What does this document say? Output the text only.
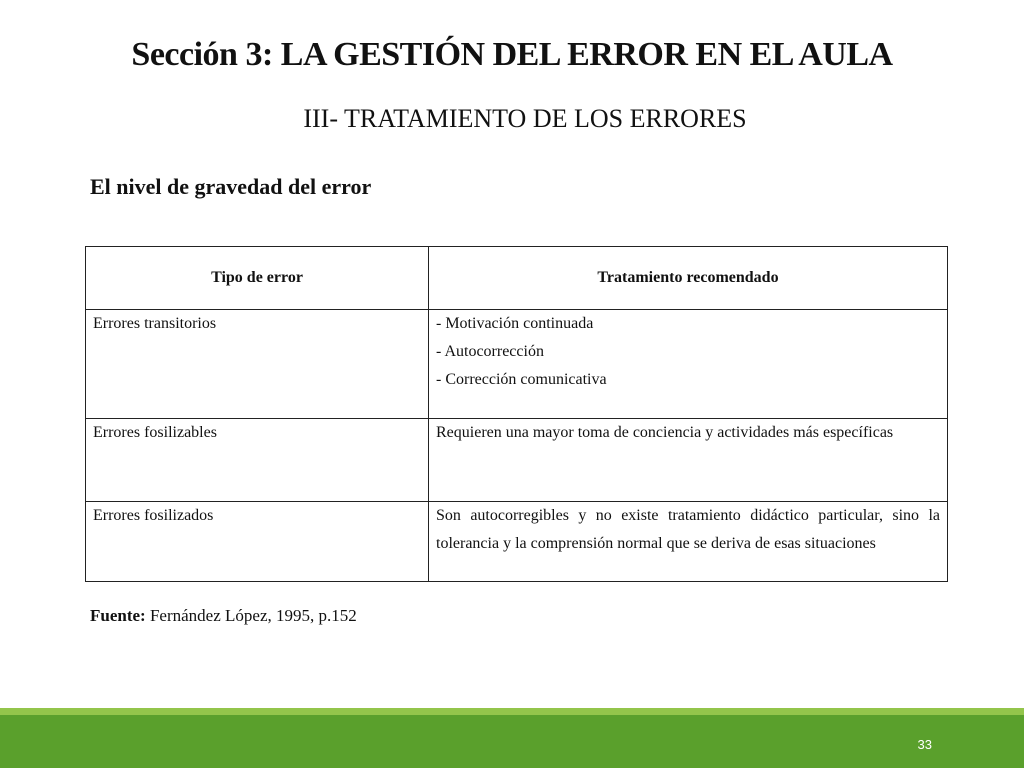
Sección 3: LA GESTIÓN DEL ERROR EN EL AULA
III- TRATAMIENTO DE LOS ERRORES
El nivel de gravedad del error
Tipo de error	Tratamiento recomendado
Errores transitorios	- Motivación continuada
- Autocorrección
- Corrección comunicativa

Errores fosilizables	Requieren una mayor toma de conciencia y actividades más específicas
Errores fosilizados	Son autocorregibles y no existe tratamiento didáctico particular, sino la tolerancia y la comprensión normal que se deriva de esas situaciones

Fuente: Fernández López, 1995, p.152

33
